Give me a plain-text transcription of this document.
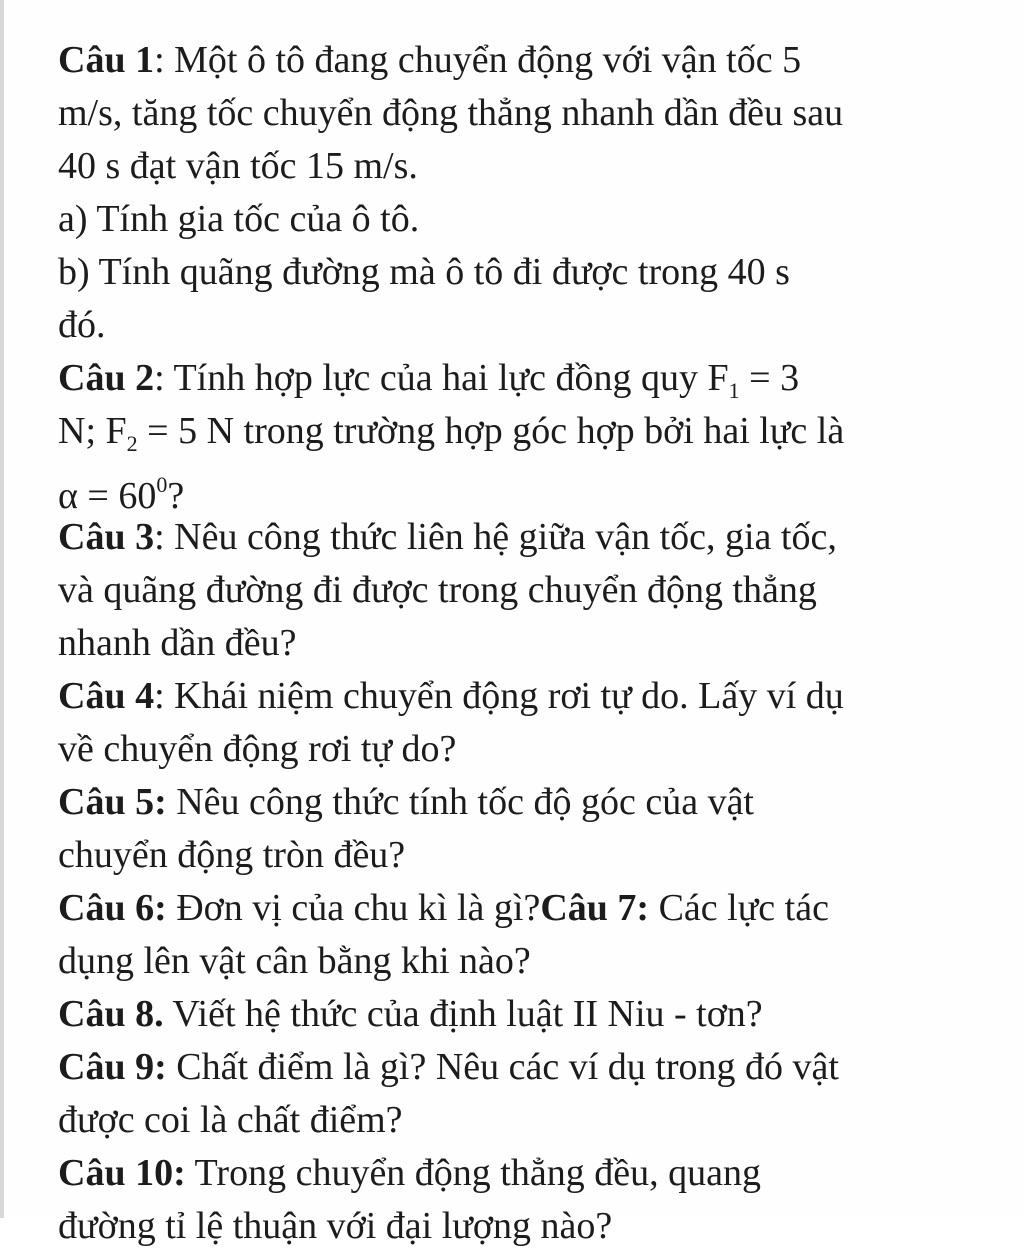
Câu 1: Một ô tô đang chuyển động với vận tốc 5
m/s, tăng tốc chuyển động thẳng nhanh dần đều sau
40 s đạt vận tốc 15 m/s.
a) Tính gia tốc của ô tô.
b) Tính quãng đường mà ô tô đi được trong 40 s
đó.
Câu 2: Tính hợp lực của hai lực đồng quy $F_1 = 3$
N; $F_2 = 5$ N trong trường hợp góc hợp bởi hai lực là
$\alpha = 60^0$?
Câu 3: Nêu công thức liên hệ giữa vận tốc, gia tốc,
và quãng đường đi được trong chuyển động thẳng
nhanh dần đều?
Câu 4: Khái niệm chuyển động rơi tự do. Lấy ví dụ
về chuyển động rơi tự do?
Câu 5: Nêu công thức tính tốc độ góc của vật
chuyển động tròn đều?
Câu 6: Đơn vị của chu kì là gì?Câu 7: Các lực tác
dụng lên vật cân bằng khi nào?
Câu 8. Viết hệ thức của định luật II Niu - tơn?
Câu 9: Chất điểm là gì? Nêu các ví dụ trong đó vật
được coi là chất điểm?
Câu 10: Trong chuyển động thẳng đều, quang
đường tỉ lệ thuận với đại lượng nào?
